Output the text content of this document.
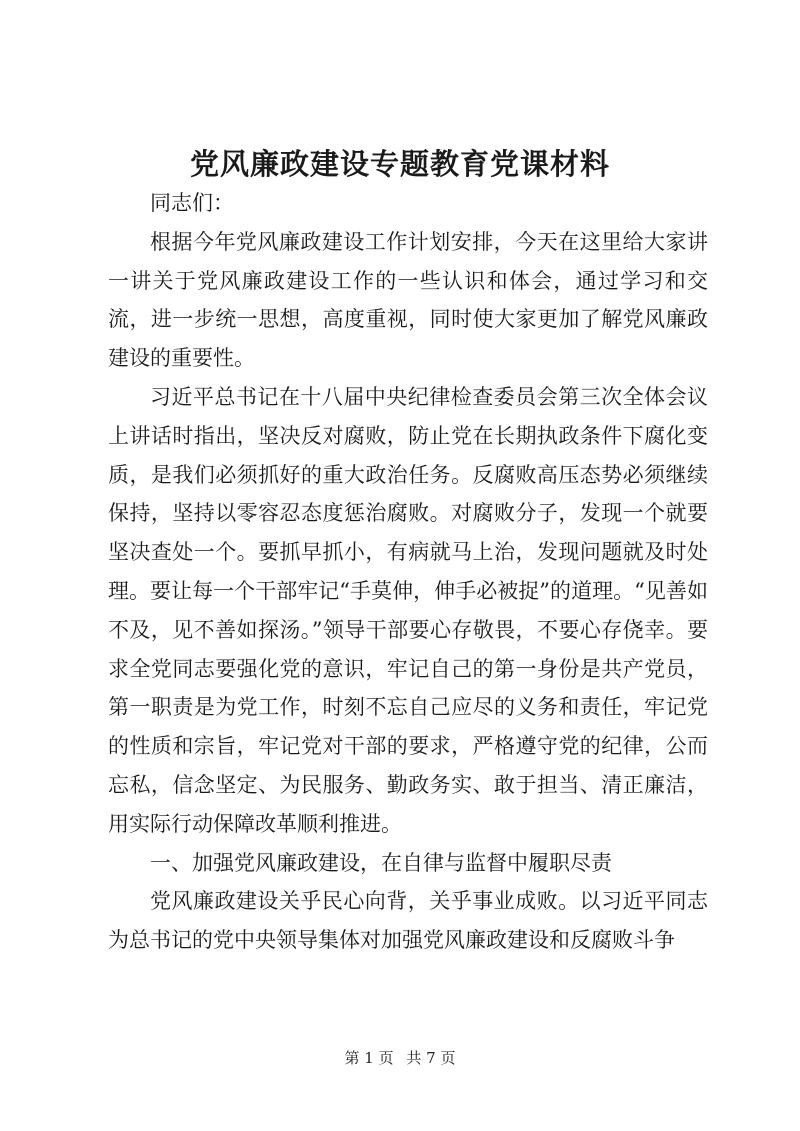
党风廉政建设专题教育党课材料

同志们：

根据今年党风廉政建设工作计划安排，今天在这里给大家讲一讲关于党风廉政建设工作的一些认识和体会，通过学习和交流，进一步统一思想，高度重视，同时使大家更加了解党风廉政建设的重要性。

习近平总书记在十八届中央纪律检查委员会第三次全体会议上讲话时指出，坚决反对腐败，防止党在长期执政条件下腐化变质，是我们必须抓好的重大政治任务。反腐败高压态势必须继续保持，坚持以零容忍态度惩治腐败。对腐败分子，发现一个就要坚决查处一个。要抓早抓小，有病就马上治，发现问题就及时处理。要让每一个干部牢记“手莫伸，伸手必被捉”的道理。“见善如不及，见不善如探汤。”领导干部要心存敬畏，不要心存侥幸。要求全党同志要强化党的意识，牢记自己的第一身份是共产党员，第一职责是为党工作，时刻不忘自己应尽的义务和责任，牢记党的性质和宗旨，牢记党对干部的要求，严格遵守党的纪律，公而忘私，信念坚定、为民服务、勤政务实、敢于担当、清正廉洁，用实际行动保障改革顺利推进。

一、加强党风廉政建设，在自律与监督中履职尽责

党风廉政建设关乎民心向背，关乎事业成败。以习近平同志为总书记的党中央领导集体对加强党风廉政建设和反腐败斗争

第 1 页 共 7 页
